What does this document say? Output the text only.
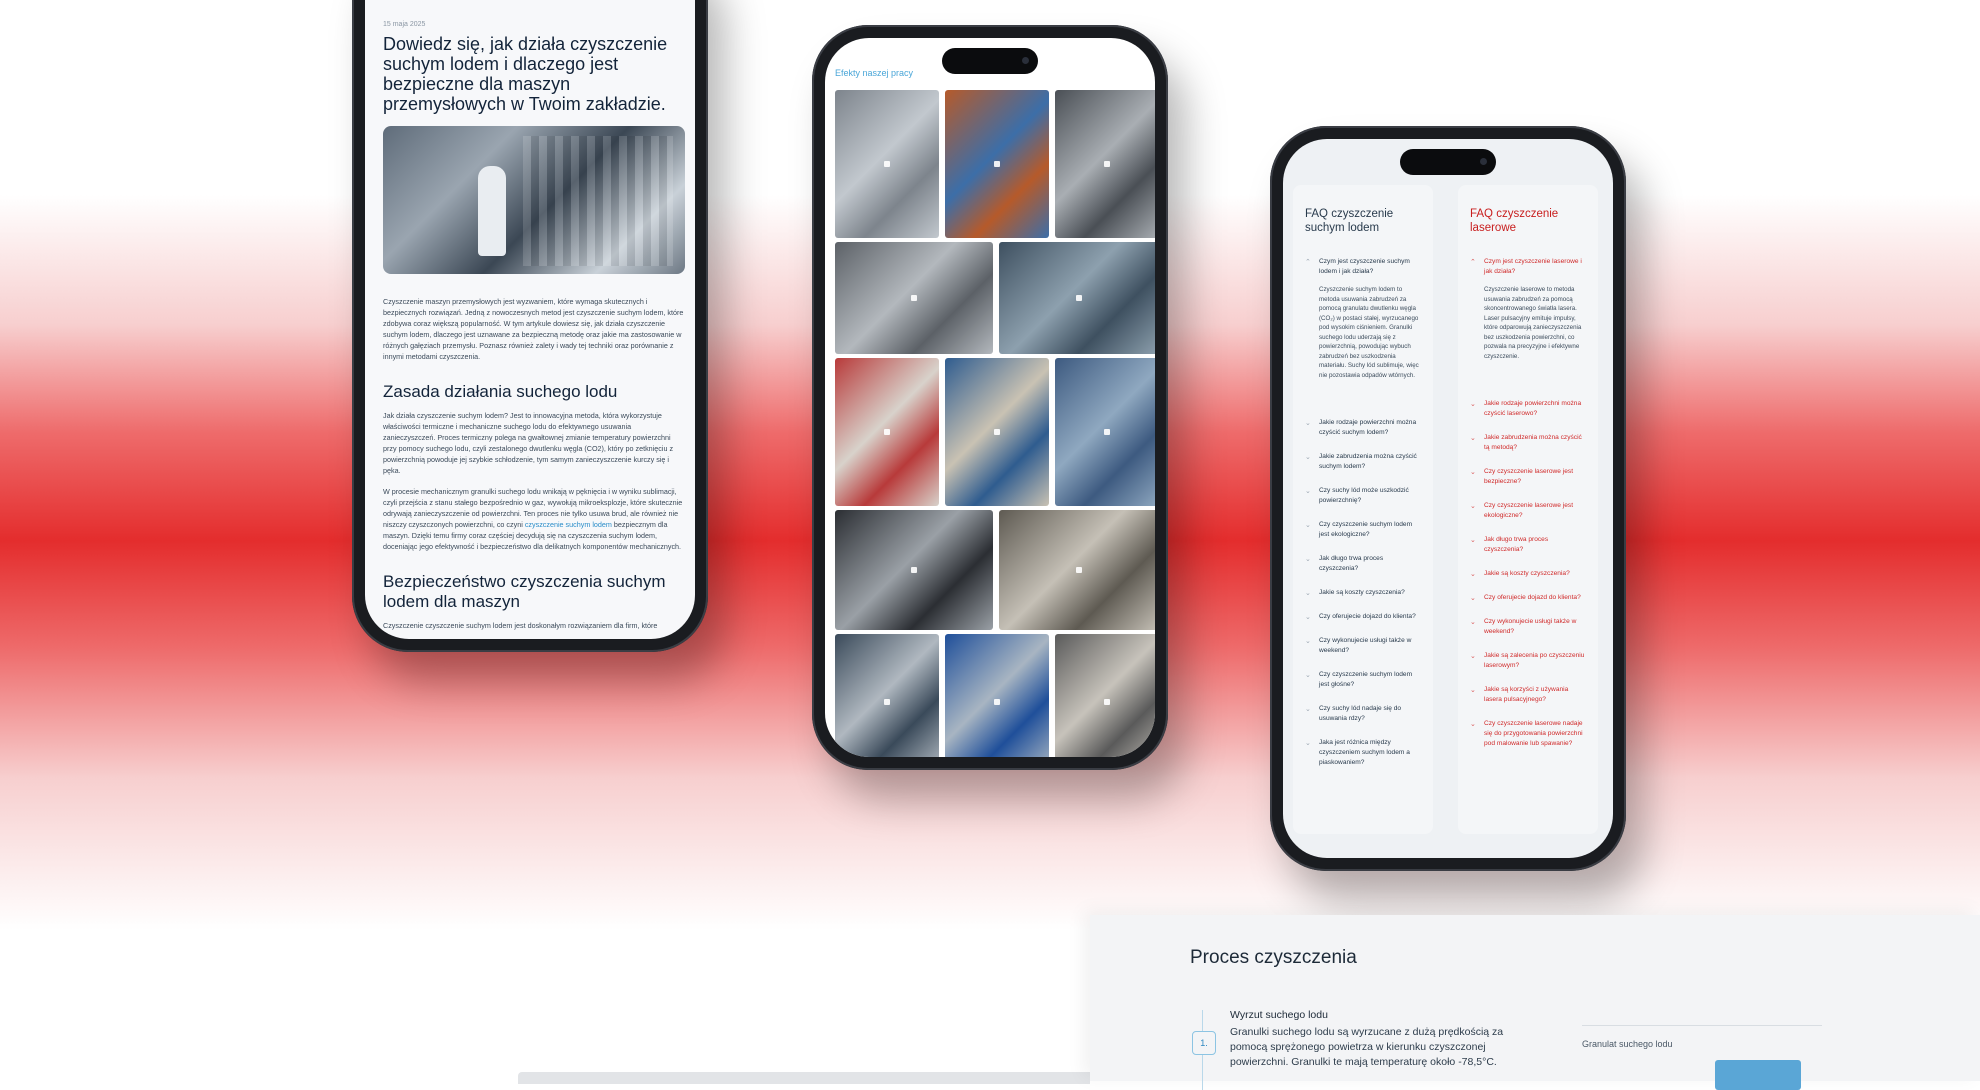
15 maja 2025
Dowiedz się, jak działa czyszczenie suchym lodem i dlaczego jest bezpieczne dla maszyn przemysłowych w Twoim zakładzie.

Czyszczenie maszyn przemysłowych jest wyzwaniem, które wymaga skutecznych i bezpiecznych rozwiązań. Jedną z nowoczesnych metod jest czyszczenie suchym lodem, które zdobywa coraz większą popularność. W tym artykule dowiesz się, jak działa czyszczenie suchym lodem, dlaczego jest uznawane za bezpieczną metodę oraz jakie ma zastosowanie w różnych gałęziach przemysłu. Poznasz również zalety i wady tej techniki oraz porównanie z innymi metodami czyszczenia.

Zasada działania suchego lodu

Jak działa czyszczenie suchym lodem? Jest to innowacyjna metoda, która wykorzystuje właściwości termiczne i mechaniczne suchego lodu do efektywnego usuwania zanieczyszczeń. Proces termiczny polega na gwałtownej zmianie temperatury powierzchni przy pomocy suchego lodu, czyli zestalonego dwutlenku węgla (CO2), który po zetknięciu z powierzchnią powoduje jej szybkie schłodzenie, tym samym zanieczyszczenie kurczy się i pęka.

W procesie mechanicznym granulki suchego lodu wnikają w pęknięcia i w wyniku sublimacji, czyli przejścia z stanu stałego bezpośrednio w gaz, wywołują mikroeksplozje, które skutecznie odrywają zanieczyszczenie od powierzchni. Ten proces nie tylko usuwa brud, ale również nie niszczy czyszczonych powierzchni, co czyni czyszczenie suchym lodem bezpiecznym dla maszyn. Dzięki temu firmy coraz częściej decydują się na czyszczenia suchym lodem, doceniając jego efektywność i bezpieczeństwo dla delikatnych komponentów mechanicznych.

Bezpieczeństwo czyszczenia suchym lodem dla maszyn

Czyszczenie czyszczenie suchym lodem jest doskonałym rozwiązaniem dla firm, które

Efekty naszej pracy
FAQ czyszczenie suchym lodem
⌃ Czym jest czyszczenie suchym lodem i jak działa?
Czyszczenie suchym lodem to metoda usuwania zabrudzeń za pomocą granulatu dwutlenku węgla (CO₂) w postaci stałej, wyrzucanego pod wysokim ciśnieniem. Granulki suchego lodu uderzają się z powierzchnią, powodując wybuch zabrudzeń bez uszkodzenia materiału. Suchy lód sublimuje, więc nie pozostawia odpadów wtórnych.
⌄ Jakie rodzaje powierzchni można czyścić suchym lodem?
⌄ Jakie zabrudzenia można czyścić suchym lodem?
⌄ Czy suchy lód może uszkodzić powierzchnię?
⌄ Czy czyszczenie suchym lodem jest ekologiczne?
⌄ Jak długo trwa proces czyszczenia?
⌄ Jakie są koszty czyszczenia?
⌄ Czy oferujecie dojazd do klienta?
⌄ Czy wykonujecie usługi także w weekend?
⌄ Czy czyszczenie suchym lodem jest głośne?
⌄ Czy suchy lód nadaje się do usuwania rdzy?
⌄ Jaka jest różnica między czyszczeniem suchym lodem a piaskowaniem?
FAQ czyszczenie laserowe
⌃ Czym jest czyszczenie laserowe i jak działa?
Czyszczenie laserowe to metoda usuwania zabrudzeń za pomocą skoncentrowanego światła lasera. Laser pulsacyjny emituje impulsy, które odparowują zanieczyszczenia bez uszkodzenia powierzchni, co pozwala na precyzyjne i efektywne czyszczenie.
⌄ Jakie rodzaje powierzchni można czyścić laserowo?
⌄ Jakie zabrudzenia można czyścić tą metodą?
⌄ Czy czyszczenie laserowe jest bezpieczne?
⌄ Czy czyszczenie laserowe jest ekologiczne?
⌄ Jak długo trwa proces czyszczenia?
⌄ Jakie są koszty czyszczenia?
⌄ Czy oferujecie dojazd do klienta?
⌄ Czy wykonujecie usługi także w weekend?
⌄ Jakie są zalecenia po czyszczeniu laserowym?
⌄ Jakie są korzyści z używania lasera pulsacyjnego?
⌄ Czy czyszczenie laserowe nadaje się do przygotowania powierzchni pod malowanie lub spawanie?
Proces czyszczenia
1.
Wyrzut suchego lodu
Granulki suchego lodu są wyrzucane z dużą prędkością za pomocą sprężonego powietrza w kierunku czyszczonej powierzchni. Granulki te mają temperaturę około -78,5°C.
Granulat suchego lodu
